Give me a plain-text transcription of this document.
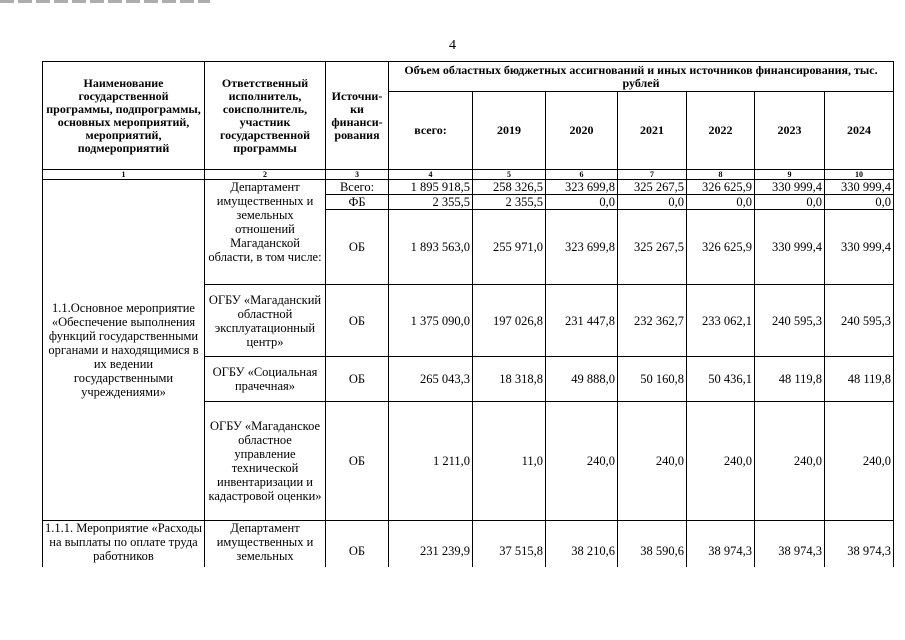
4
Наименование государственной программы, подпрограммы, основных мероприятий, мероприятий, подмероприятий	Ответственный исполнитель, соисполнитель, участник государственной программы	Источни-ки финанси-рования	Объем областных бюджетных ассигнований и иных источников финансирования, тыс. рублей						
			всего:	2019	2020	2021	2022	2023	2024
1	2	3	4	5	6	7	8	9	10
1.1.Основное мероприятие «Обеспечение выполнения функций государственными органами и находящимися в их ведении государственными учреждениями»	Департамент имущественных и земельных отношений Магаданской области, в том числе:	Всего:	1 895 918,5	258 326,5	323 699,8	325 267,5	326 625,9	330 999,4	330 999,4
		ФБ	2 355,5	2 355,5	0,0	0,0	0,0	0,0	0,0
		ОБ	1 893 563,0	255 971,0	323 699,8	325 267,5	326 625,9	330 999,4	330 999,4
	ОГБУ «Магаданский областной эксплуатационный центр»	ОБ	1 375 090,0	197 026,8	231 447,8	232 362,7	233 062,1	240 595,3	240 595,3
	ОГБУ «Социальная прачечная»	ОБ	265 043,3	18 318,8	49 888,0	50 160,8	50 436,1	48 119,8	48 119,8
	ОГБУ «Магаданское областное управление технической инвентаризации и кадастровой оценки»	ОБ	1 211,0	11,0	240,0	240,0	240,0	240,0	240,0
1.1.1. Мероприятие «Расходы на выплаты по оплате труда работников	Департамент имущественных и земельных	ОБ	231 239,9	37 515,8	38 210,6	38 590,6	38 974,3	38 974,3	38 974,3
